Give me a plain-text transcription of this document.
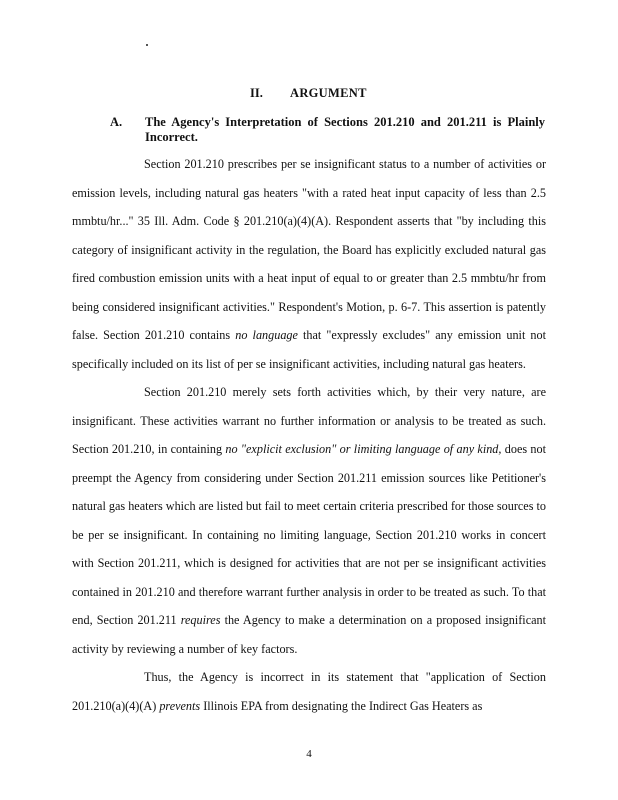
II. ARGUMENT
A. The Agency's Interpretation of Sections 201.210 and 201.211 is Plainly Incorrect.

Section 201.210 prescribes per se insignificant status to a number of activities or emission levels, including natural gas heaters "with a rated heat input capacity of less than 2.5 mmbtu/hr..." 35 Ill. Adm. Code § 201.210(a)(4)(A). Respondent asserts that "by including this category of insignificant activity in the regulation, the Board has explicitly excluded natural gas fired combustion emission units with a heat input of equal to or greater than 2.5 mmbtu/hr from being considered insignificant activities." Respondent's Motion, p. 6-7. This assertion is patently false. Section 201.210 contains no language that "expressly excludes" any emission unit not specifically included on its list of per se insignificant activities, including natural gas heaters.

Section 201.210 merely sets forth activities which, by their very nature, are insignificant. These activities warrant no further information or analysis to be treated as such. Section 201.210, in containing no "explicit exclusion" or limiting language of any kind, does not preempt the Agency from considering under Section 201.211 emission sources like Petitioner's natural gas heaters which are listed but fail to meet certain criteria prescribed for those sources to be per se insignificant. In containing no limiting language, Section 201.210 works in concert with Section 201.211, which is designed for activities that are not per se insignificant activities contained in 201.210 and therefore warrant further analysis in order to be treated as such. To that end, Section 201.211 requires the Agency to make a determination on a proposed insignificant activity by reviewing a number of key factors.

Thus, the Agency is incorrect in its statement that "application of Section 201.210(a)(4)(A) prevents Illinois EPA from designating the Indirect Gas Heaters as

4
